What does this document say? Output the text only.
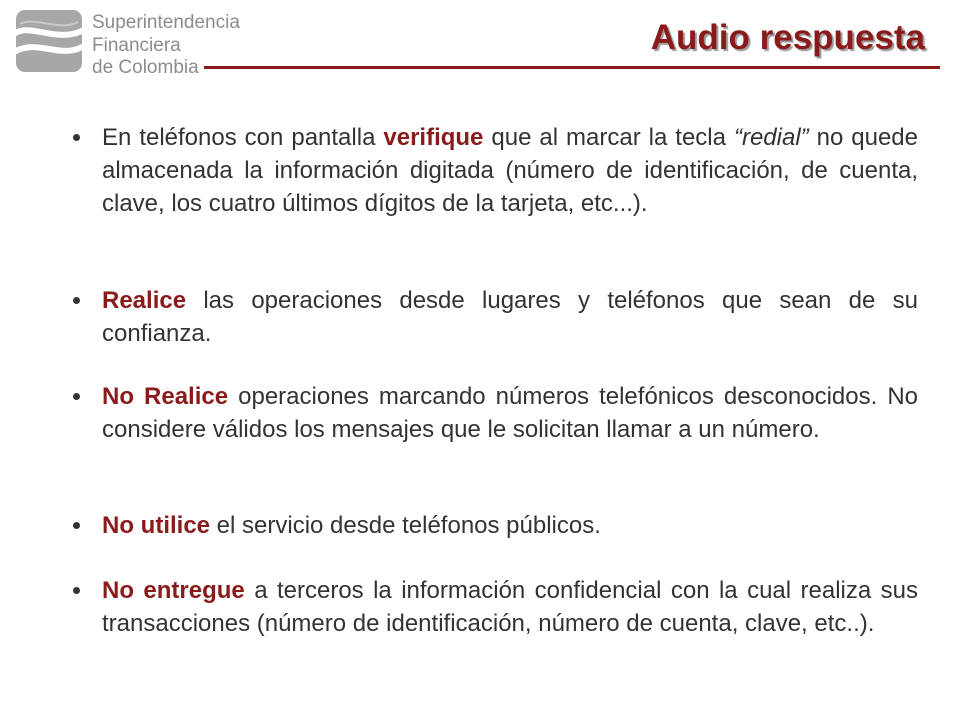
Superintendencia
Financiera
de Colombia
Audio respuesta

En teléfonos con pantalla verifique que al marcar la tecla “redial” no quede almacenada la información digitada (número de identificación, de cuenta, clave, los cuatro últimos dígitos de la tarjeta, etc...).

Realice las operaciones desde lugares y teléfonos que sean de su confianza.

No Realice operaciones marcando números telefónicos desconocidos. No considere válidos los mensajes que le solicitan llamar a un número.

No utilice el servicio desde teléfonos públicos.

No entregue a terceros la información confidencial con la cual realiza sus transacciones (número de identificación, número de cuenta, clave, etc..).
